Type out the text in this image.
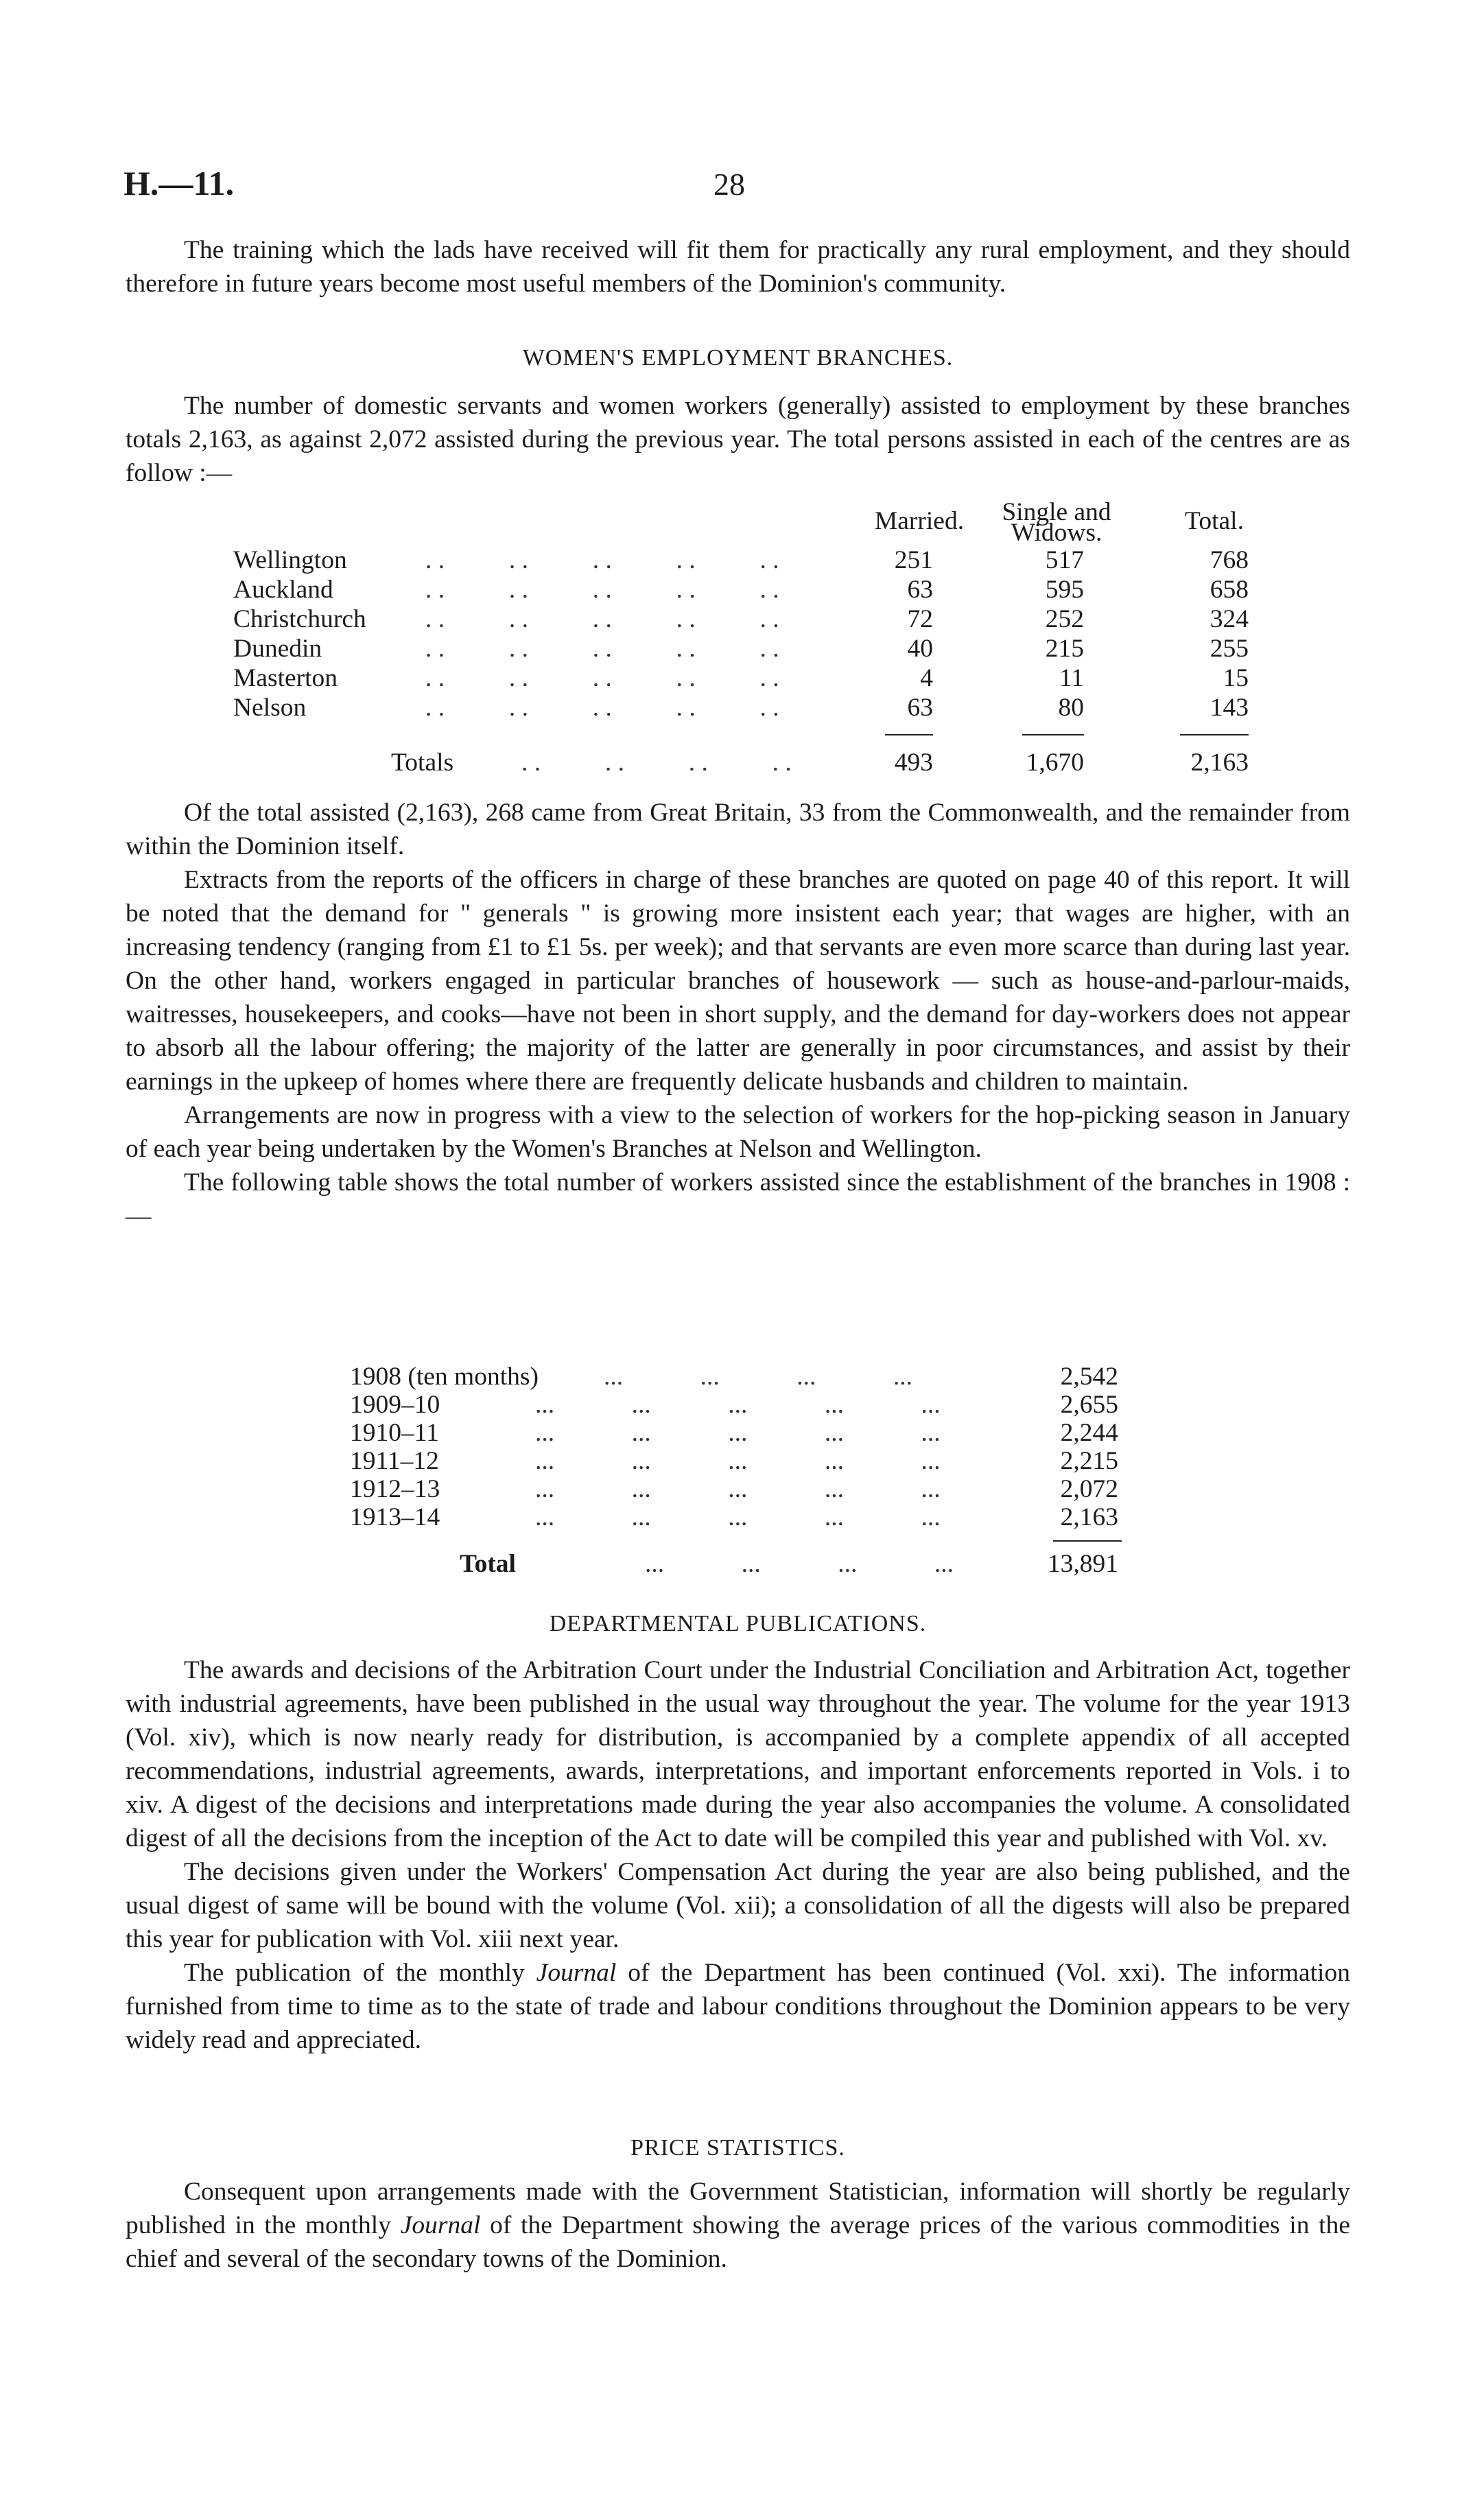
H.—11.	28

The training which the lads have received will fit them for practically any rural employment, and they should therefore in future years become most useful members of the Dominion's community.

WOMEN'S EMPLOYMENT BRANCHES.

The number of domestic servants and women workers (generally) assisted to employment by these branches totals 2,163, as against 2,072 assisted during the previous year. The total persons assisted in each of the centres are as follow :—

Married. Single and Widows.	Total.
Wellington	. .          . .          . .          . .          . .	251	517	768
Auckland	. .          . .          . .          . .          . .	63	595	658
Christchurch . .          . .          . .          . .          . .	72	252	324
Dunedin	. .          . .          . .          . .          . .	40	215	255
Masterton	. .          . .          . .          . .          . .	4	11	15
Nelson	. .          . .          . .          . .          . .	63	80	143
Totals	. .          . .          . .          . .	493	1,670	2,163

Of the total assisted (2,163), 268 came from Great Britain, 33 from the Commonwealth, and the remainder from within the Dominion itself.

Extracts from the reports of the officers in charge of these branches are quoted on page 40 of this report. It will be noted that the demand for " generals " is growing more insistent each year; that wages are higher, with an increasing tendency (ranging from £1 to £1 5s. per week); and that servants are even more scarce than during last year. On the other hand, workers engaged in particular branches of housework — such as house-and-parlour-maids, waitresses, housekeepers, and cooks—have not been in short supply, and the demand for day-workers does not appear to absorb all the labour offering; the majority of the latter are generally in poor circumstances, and assist by their earnings in the upkeep of homes where there are frequently delicate husbands and children to maintain.

Arrangements are now in progress with a view to the selection of workers for the hop-picking season in January of each year being undertaken by the Women's Branches at Nelson and Wellington.

The following table shows the total number of workers assisted since the establishment of the branches in 1908 :—

1908 (ten months)	...            ...            ...            ...	2,542
1909–10	...            ...            ...            ...            ...	2,655
1910–11	...            ...            ...            ...            ...	2,244
1911–12	...            ...            ...            ...            ...	2,215
1912–13	...            ...            ...            ...            ...	2,072
1913–14	...            ...            ...            ...            ...	2,163
Total	...            ...            ...            ...	13,891
DEPARTMENTAL PUBLICATIONS.

The awards and decisions of the Arbitration Court under the Industrial Conciliation and Arbitration Act, together with industrial agreements, have been published in the usual way throughout the year. The volume for the year 1913 (Vol. xiv), which is now nearly ready for distribution, is accompanied by a complete appendix of all accepted recommendations, industrial agreements, awards, interpretations, and important enforcements reported in Vols. i to xiv. A digest of the decisions and interpretations made during the year also accompanies the volume. A consolidated digest of all the decisions from the inception of the Act to date will be compiled this year and published with Vol. xv.

The decisions given under the Workers' Compensation Act during the year are also being published, and the usual digest of same will be bound with the volume (Vol. xii); a consolidation of all the digests will also be prepared this year for publication with Vol. xiii next year.

The publication of the monthly Journal of the Department has been continued (Vol. xxi). The information furnished from time to time as to the state of trade and labour conditions throughout the Dominion appears to be very widely read and appreciated.

PRICE STATISTICS.

Consequent upon arrangements made with the Government Statistician, information will shortly be regularly published in the monthly Journal of the Department showing the average prices of the various commodities in the chief and several of the secondary towns of the Dominion.
